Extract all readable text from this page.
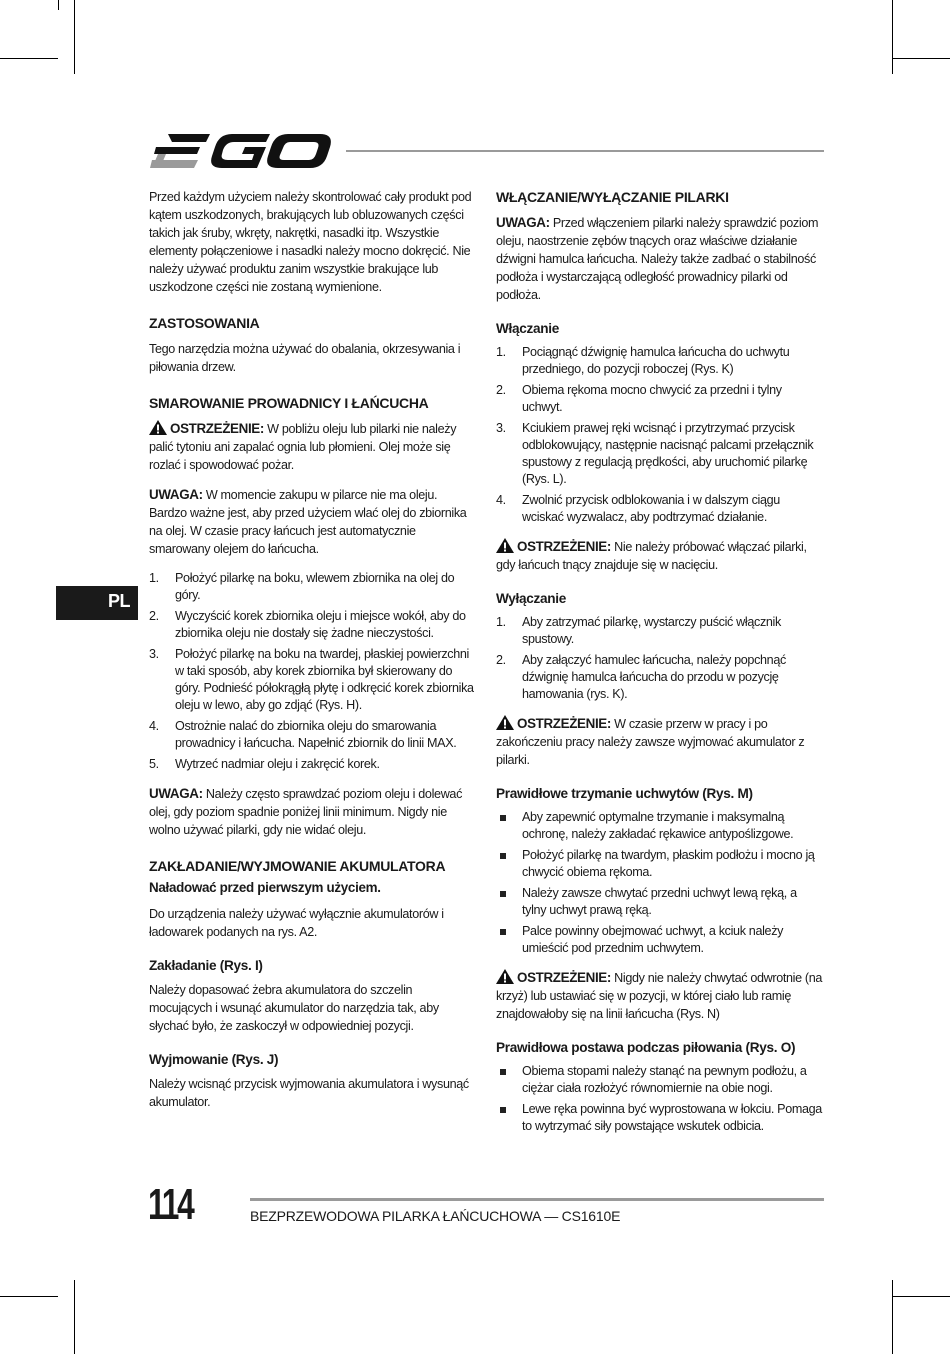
PL

Przed każdym użyciem należy skontrolować cały produkt pod kątem uszkodzonych, brakujących lub obluzowanych części takich jak śruby, wkręty, nakrętki, nasadki itp. Wszystkie elementy połączeniowe i nasadki należy mocno dokręcić. Nie należy używać produktu zanim wszystkie brakujące lub uszkodzone części nie zostaną wymienione.

ZASTOSOWANIA

Tego narzędzia można używać do obalania, okrzesywania i piłowania drzew.

SMAROWANIE PROWADNICY I ŁAŃCUCHA

OSTRZEŻENIE: W pobliżu oleju lub pilarki nie należy palić tytoniu ani zapalać ognia lub płomieni. Olej może się rozlać i spowodować pożar.

UWAGA: W momencie zakupu w pilarce nie ma oleju. Bardzo ważne jest, aby przed użyciem wlać olej do zbiornika na olej. W czasie pracy łańcuch jest automatycznie smarowany olejem do łańcucha.

1. Położyć pilarkę na boku, wlewem zbiornika na olej do góry.
2. Wyczyścić korek zbiornika oleju i miejsce wokół, aby do zbiornika oleju nie dostały się żadne nieczystości.
3. Położyć pilarkę na boku na twardej, płaskiej powierzchni w taki sposób, aby korek zbiornika był skierowany do góry. Podnieść półokrągłą płytę i odkręcić korek zbiornika oleju w lewo, aby go zdjąć (Rys. H).
4. Ostrożnie nalać do zbiornika oleju do smarowania prowadnicy i łańcucha. Napełnić zbiornik do linii MAX.
5. Wytrzeć nadmiar oleju i zakręcić korek.

UWAGA: Należy często sprawdzać poziom oleju i dolewać olej, gdy poziom spadnie poniżej linii minimum. Nigdy nie wolno używać pilarki, gdy nie widać oleju.

ZAKŁADANIE/WYJMOWANIE AKUMULATORA
Naładować przed pierwszym użyciem.

Do urządzenia należy używać wyłącznie akumulatorów i ładowarek podanych na rys. A2.

Zakładanie (Rys. I)

Należy dopasować żebra akumulatora do szczelin mocujących i wsunąć akumulator do narzędzia tak, aby słychać było, że zaskoczył w odpowiedniej pozycji.

Wyjmowanie (Rys. J)

Należy wcisnąć przycisk wyjmowania akumulatora i wysunąć akumulator.

WŁĄCZANIE/WYŁĄCZANIE PILARKI

UWAGA: Przed włączeniem pilarki należy sprawdzić poziom oleju, naostrzenie zębów tnących oraz właściwe działanie dźwigni hamulca łańcucha. Należy także zadbać o stabilność podłoża i wystarczającą odległość prowadnicy pilarki od podłoża.

Włączanie
1. Pociągnąć dźwignię hamulca łańcucha do uchwytu przedniego, do pozycji roboczej (Rys. K)
2. Obiema rękoma mocno chwycić za przedni i tylny uchwyt.
3. Kciukiem prawej ręki wcisnąć i przytrzymać przycisk odblokowujący, następnie nacisnąć palcami przełącznik spustowy z regulacją prędkości, aby uruchomić pilarkę (Rys. L).
4. Zwolnić przycisk odblokowania i w dalszym ciągu wciskać wyzwalacz, aby podtrzymać działanie.

OSTRZEŻENIE: Nie należy próbować włączać pilarki, gdy łańcuch tnący znajduje się w nacięciu.

Wyłączanie
1. Aby zatrzymać pilarkę, wystarczy puścić włącznik spustowy.
2. Aby załączyć hamulec łańcucha, należy popchnąć dźwignię hamulca łańcucha do przodu w pozycję hamowania (rys. K).

OSTRZEŻENIE: W czasie przerw w pracy i po zakończeniu pracy należy zawsze wyjmować akumulator z pilarki.

Prawidłowe trzymanie uchwytów (Rys. M)
Aby zapewnić optymalne trzymanie i maksymalną ochronę, należy zakładać rękawice antypoślizgowe.
Położyć pilarkę na twardym, płaskim podłożu i mocno ją chwycić obiema rękoma.
Należy zawsze chwytać przedni uchwyt lewą ręką, a tylny uchwyt prawą ręką.
Palce powinny obejmować uchwyt, a kciuk należy umieścić pod przednim uchwytem.

OSTRZEŻENIE: Nigdy nie należy chwytać odwrotnie (na krzyż) lub ustawiać się w pozycji, w której ciało lub ramię znajdowałoby się na linii łańcucha (Rys. N)

Prawidłowa postawa podczas piłowania (Rys. O)
Obiema stopami należy stanąć na pewnym podłożu, a ciężar ciała rozłożyć równomiernie na obie nogi.
Lewe ręka powinna być wyprostowana w łokciu. Pomaga to wytrzymać siły powstające wskutek odbicia.
114	BEZPRZEWODOWA PILARKA ŁAŃCUCHOWA — CS1610E
